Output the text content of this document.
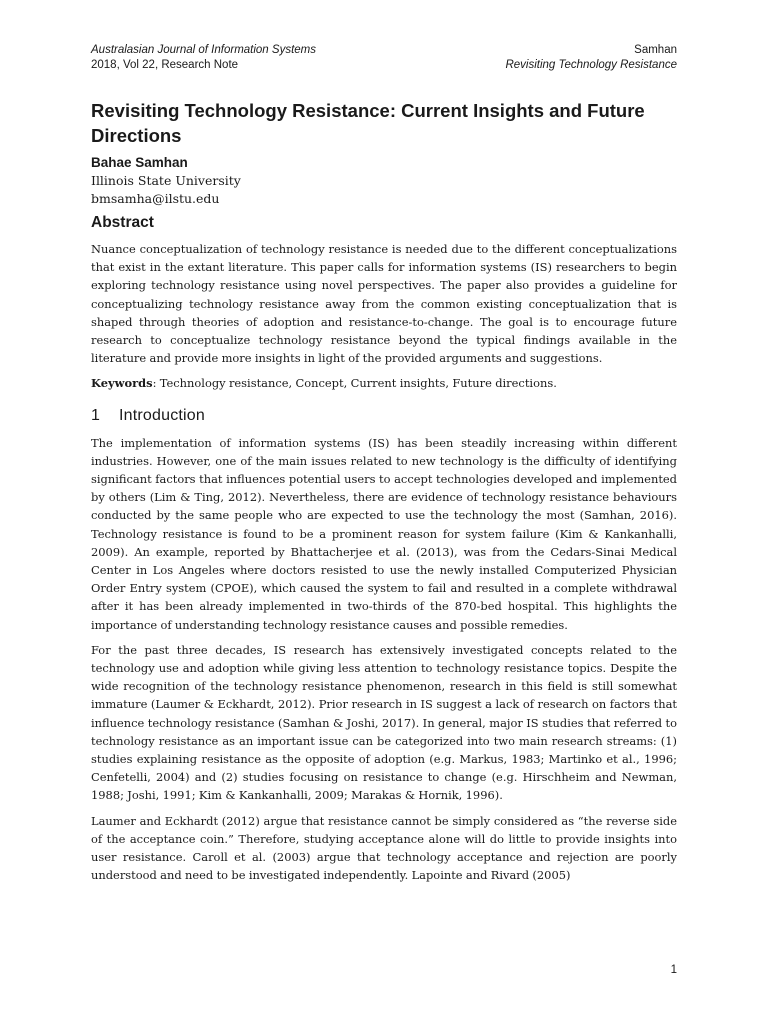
Australasian Journal of Information Systems
2018, Vol 22, Research Note
Samhan
Revisiting Technology Resistance
Revisiting Technology Resistance: Current Insights and Future Directions
Bahae Samhan
Illinois State University
bmsamha@ilstu.edu
Abstract

Nuance conceptualization of technology resistance is needed due to the different conceptualizations that exist in the extant literature. This paper calls for information systems (IS) researchers to begin exploring technology resistance using novel perspectives. The paper also provides a guideline for conceptualizing technology resistance away from the common existing conceptualization that is shaped through theories of adoption and resistance-to-change. The goal is to encourage future research to conceptualize technology resistance beyond the typical findings available in the literature and provide more insights in light of the provided arguments and suggestions.

Keywords: Technology resistance, Concept, Current insights, Future directions.

1 Introduction

The implementation of information systems (IS) has been steadily increasing within different industries. However, one of the main issues related to new technology is the difficulty of identifying significant factors that influences potential users to accept technologies developed and implemented by others (Lim & Ting, 2012). Nevertheless, there are evidence of technology resistance behaviours conducted by the same people who are expected to use the technology the most (Samhan, 2016). Technology resistance is found to be a prominent reason for system failure (Kim & Kankanhalli, 2009). An example, reported by Bhattacherjee et al. (2013), was from the Cedars-Sinai Medical Center in Los Angeles where doctors resisted to use the newly installed Computerized Physician Order Entry system (CPOE), which caused the system to fail and resulted in a complete withdrawal after it has been already implemented in two-thirds of the 870-bed hospital. This highlights the importance of understanding technology resistance causes and possible remedies.

For the past three decades, IS research has extensively investigated concepts related to the technology use and adoption while giving less attention to technology resistance topics. Despite the wide recognition of the technology resistance phenomenon, research in this field is still somewhat immature (Laumer & Eckhardt, 2012). Prior research in IS suggest a lack of research on factors that influence technology resistance (Samhan & Joshi, 2017). In general, major IS studies that referred to technology resistance as an important issue can be categorized into two main research streams: (1) studies explaining resistance as the opposite of adoption (e.g. Markus, 1983; Martinko et al., 1996; Cenfetelli, 2004) and (2) studies focusing on resistance to change (e.g. Hirschheim and Newman, 1988; Joshi, 1991; Kim & Kankanhalli, 2009; Marakas & Hornik, 1996).

Laumer and Eckhardt (2012) argue that resistance cannot be simply considered as “the reverse side of the acceptance coin.” Therefore, studying acceptance alone will do little to provide insights into user resistance. Caroll et al. (2003) argue that technology acceptance and rejection are poorly understood and need to be investigated independently. Lapointe and Rivard (2005)

1
